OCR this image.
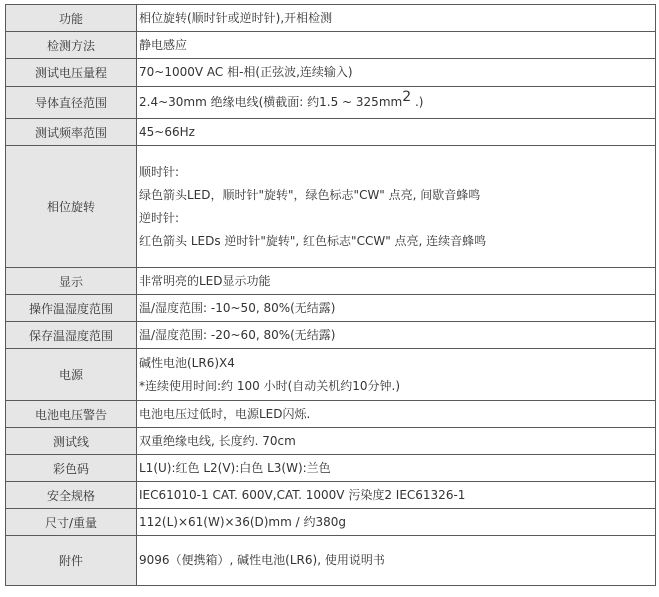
功能	相位旋转(顺时针或逆时针),开相检测
检测方法	静电感应
测试电压量程	70~1000V AC 相-相(正弦波,连续输入)
导体直径范围	2.4~30mm 绝缘电线(横截面: 约1.5 ~ $325mm^2$ .)
测试频率范围	45~66Hz
相位旋转	顺时针:
绿色箭头LED，顺时针"旋转"，绿色标志"CW" 点亮, 间歇音蜂鸣
逆时针:
红色箭头 LEDs 逆时针"旋转", 红色标志"CCW" 点亮, 连续音蜂鸣

显示	非常明亮的LED显示功能
操作温湿度范围	温/湿度范围: -10~50, 80%(无结露)
保存温湿度范围	温/湿度范围: -20~60, 80%(无结露)
电源	碱性电池(LR6)X4
*连续使用时间:约 100 小时(自动关机约10分钟.)

电池电压警告	电池电压过低时，电源LED闪烁.
测试线	双重绝缘电线, 长度约. 70cm
彩色码	L1(U):红色 L2(V):白色 L3(W):兰色
安全规格	IEC61010-1 CAT. 600V,CAT. 1000V 污染度2 IEC61326-1
尺寸/重量	112(L)×61(W)×36(D)mm / 约380g
附件	9096（便携箱）, 碱性电池(LR6), 使用说明书
